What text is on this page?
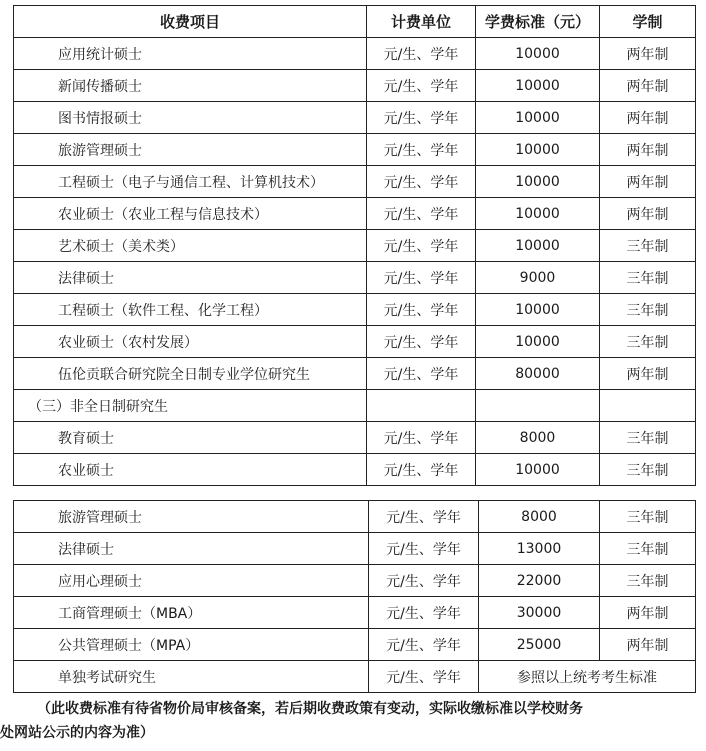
收费项目	计费单位	学费标准（元）	学制
应用统计硕士	元/生、学年	10000	两年制
新闻传播硕士	元/生、学年	10000	两年制
图书情报硕士	元/生、学年	10000	两年制
旅游管理硕士	元/生、学年	10000	两年制
工程硕士（电子与通信工程、计算机技术）	元/生、学年	10000	两年制
农业硕士（农业工程与信息技术）	元/生、学年	10000	两年制
艺术硕士（美术类）	元/生、学年	10000	三年制
法律硕士	元/生、学年	9000	三年制
工程硕士（软件工程、化学工程）	元/生、学年	10000	三年制
农业硕士（农村发展）	元/生、学年	10000	三年制
伍伦贡联合研究院全日制专业学位研究生	元/生、学年	80000	两年制
（三）非全日制研究生			
教育硕士	元/生、学年	8000	三年制
农业硕士	元/生、学年	10000	三年制
旅游管理硕士	元/生、学年	8000	三年制
法律硕士	元/生、学年	13000	三年制
应用心理硕士	元/生、学年	22000	三年制
工商管理硕士（MBA）	元/生、学年	30000	两年制
公共管理硕士（MPA）	元/生、学年	25000	两年制
单独考试研究生	元/生、学年	参照以上统考考生标准	
（此收费标准有待省物价局审核备案，若后期收费政策有变动，实际收缴标准以学校财务
处网站公示的内容为准）
